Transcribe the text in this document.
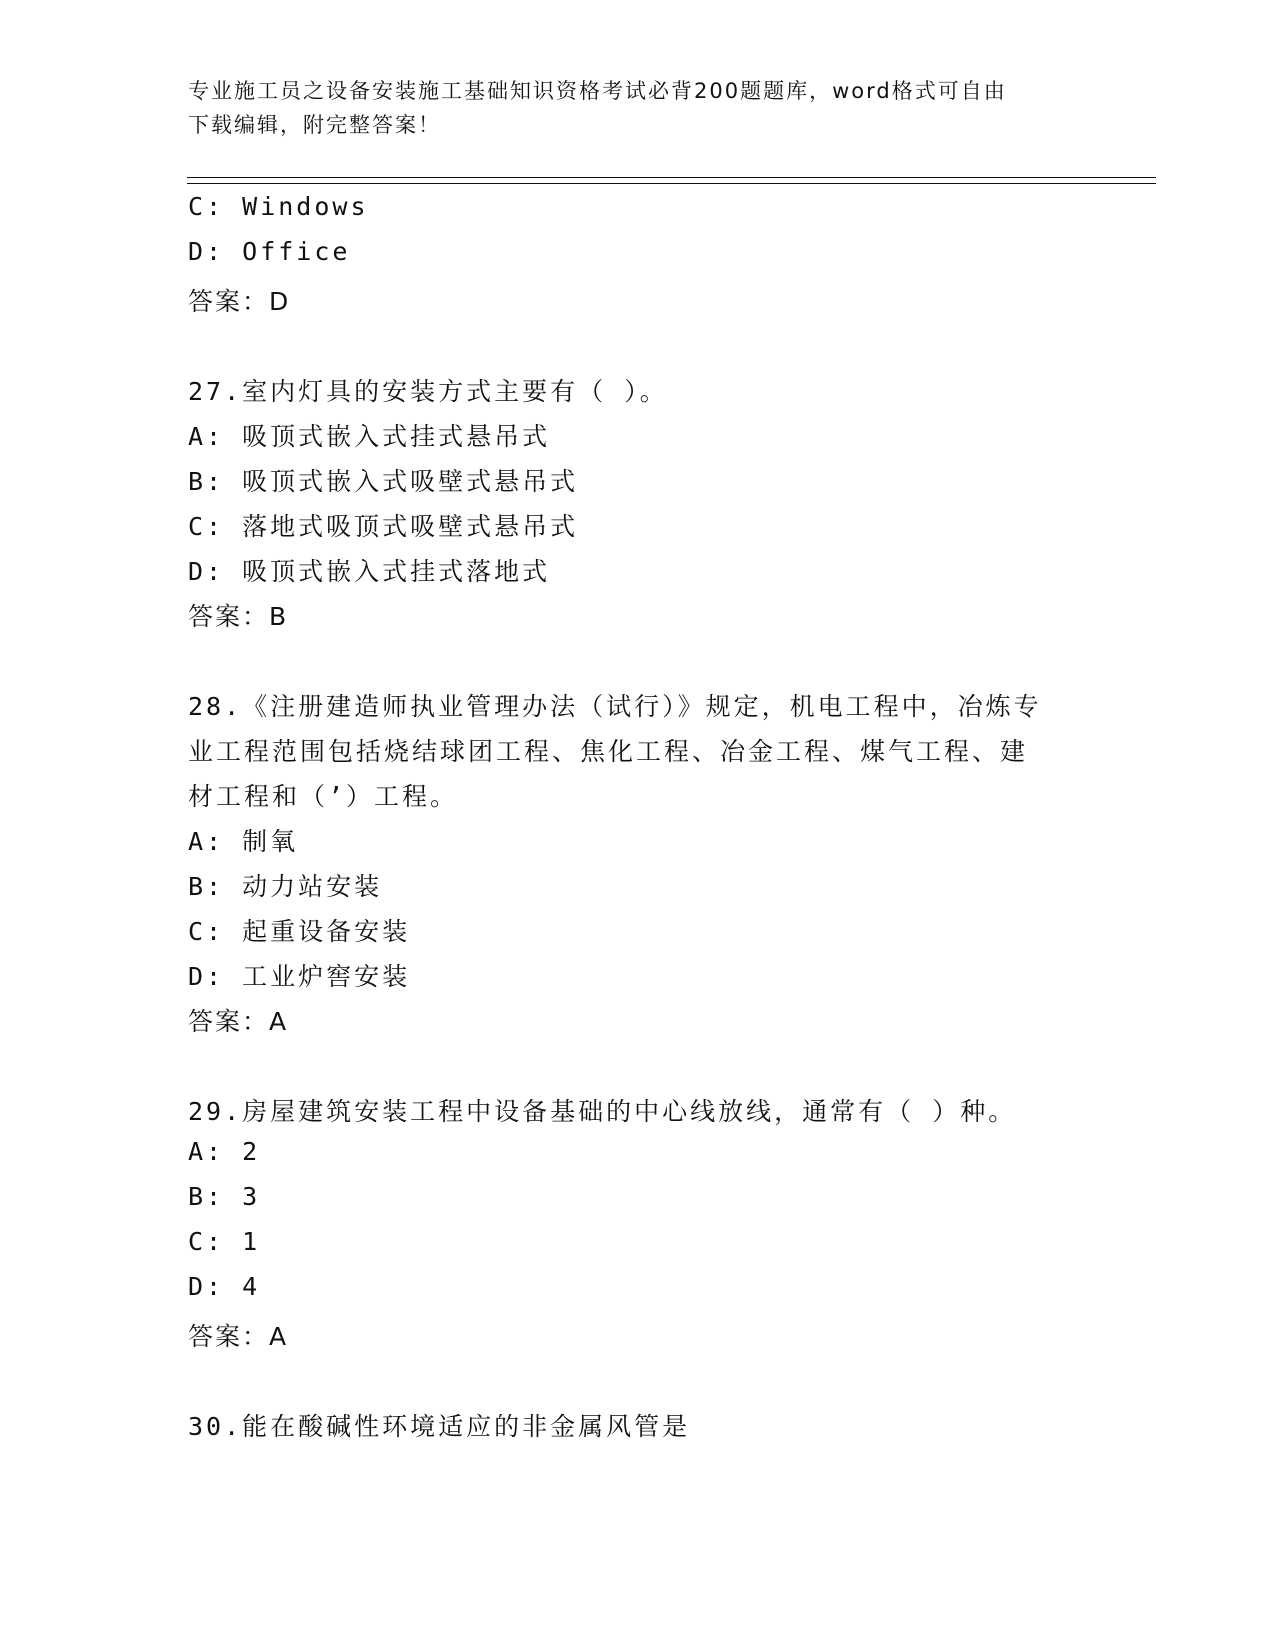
专业施工员之设备安装施工基础知识资格考试必背200题题库，word格式可自由
下载编辑，附完整答案！
C: Windows
D: Office
答案：D
27.室内灯具的安装方式主要有（ ）。
A: 吸顶式嵌入式挂式悬吊式
B: 吸顶式嵌入式吸壁式悬吊式
C: 落地式吸顶式吸壁式悬吊式
D: 吸顶式嵌入式挂式落地式
答案：B
28.《注册建造师执业管理办法（试行）》规定，机电工程中，冶炼专
业工程范围包括烧结球团工程、焦化工程、冶金工程、煤气工程、建
材工程和（’）工程。
A: 制氧
B: 动力站安装
C: 起重设备安装
D: 工业炉窖安装
答案：A
29.房屋建筑安装工程中设备基础的中心线放线，通常有（ ）种。
A: 2
B: 3
C: 1
D: 4
答案：A
30.能在酸碱性环境适应的非金属风管是
